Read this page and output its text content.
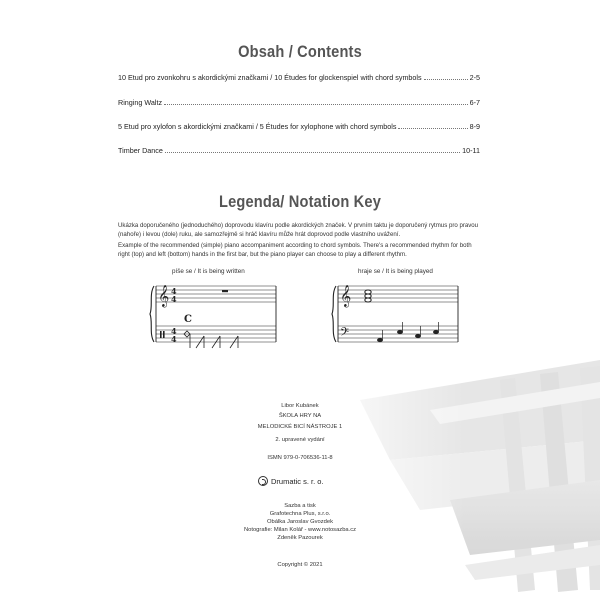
Obsah / Contents
10 Etud pro zvonkohru s akordickými značkami / 10 Études for glockenspiel with chord symbols	2-5
Ringing Waltz	6-7
5 Etud pro xylofon s akordickými značkami / 5 Études for xylophone with chord symbols	8-9
Timber Dance	10-11
Legenda/ Notation Key
Ukázka doporučeného (jednoduchého) doprovodu klavíru podle akordických značek. V prvním taktu je doporučený rytmus pro pravou (nahoře) i levou (dole) ruku, ale samozřejmě si hráč klavíru může hrát doprovod podle vlastního uvážení.
Example of the recommended (simple) piano accompaniment according to chord symbols. There's a recommended rhythm for both right (top) and left (bottom) hands in the first bar, but the piano player can choose to play a different rhythm.
píše se / It is being written	hraje se / It is being played
𝄞 4
4
4
4
C
𝄞
𝄢
Libor Kubánek
ŠKOLA HRY NA
MELODICKÉ BICÍ NÁSTROJE 1
2. upravené vydání
ISMN 979-0-706536-11-8
Drumatic s. r. o.
Sazba a tisk
Grafotechna Plus, s.r.o.
Obálka Jaroslav Gvozdek
Notografie: Milan Kolář - www.notosazba.cz
Zdeněk Pazourek
Copyright © 2021
